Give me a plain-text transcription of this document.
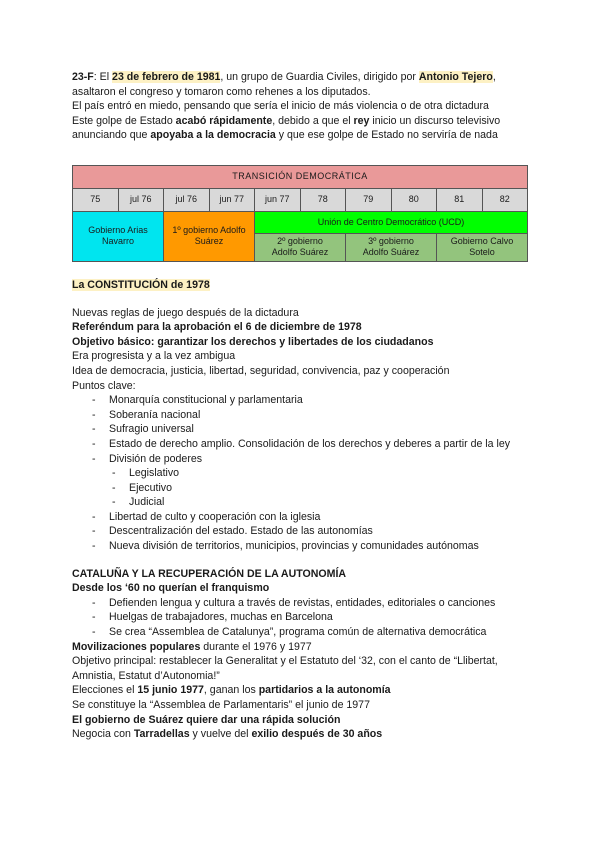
23-F: El 23 de febrero de 1981, un grupo de Guardia Civiles, dirigido por Antonio Tejero,

asaltaron el congreso y tomaron como rehenes a los diputados.

El país entró en miedo, pensando que sería el inicio de más violencia o de otra dictadura

Este golpe de Estado acabó rápidamente, debido a que el rey inicio un discurso televisivo

anunciando que apoyaba a la democracia y que ese golpe de Estado no serviría de nada

TRANSICIÓN DEMOCRÁTICA									
75	jul 76	jul 76	jun 77	jun 77	78	79	80	81	82
Gobierno Arias Navarro		1º gobierno Adolfo Suárez		Unión de Centro Democrático (UCD)					
				2º gobierno Adolfo Suárez		3º gobierno Adolfo Suárez		Gobierno Calvo Sotelo	

La CONSTITUCIÓN de 1978

Nuevas reglas de juego después de la dictadura

Referéndum para la aprobación el 6 de diciembre de 1978

Objetivo básico: garantizar los derechos y libertades de los ciudadanos

Era progresista y a la vez ambigua

Idea de democracia, justicia, libertad, seguridad, convivencia, paz y cooperación

Puntos clave:

- Monarquía constitucional y parlamentaria
- Soberanía nacional
- Sufragio universal
- Estado de derecho amplio. Consolidación de los derechos y deberes a partir de la ley
- División de poderes
- Legislativo
- Ejecutivo
- Judicial
- Libertad de culto y cooperación con la iglesia
- Descentralización del estado. Estado de las autonomías
- Nueva división de territorios, municipios, provincias y comunidades autónomas

CATALUÑA Y LA RECUPERACIÓN DE LA AUTONOMÍA

Desde los ‘60 no querían el franquismo

- Defienden lengua y cultura a través de revistas, entidades, editoriales o canciones
- Huelgas de trabajadores, muchas en Barcelona
- Se crea “Assemblea de Catalunya”, programa común de alternativa democrática

Movilizaciones populares durante el 1976 y 1977

Objetivo principal: restablecer la Generalitat y el Estatuto del ‘32, con el canto de “Llibertat, Amnistia, Estatut d’Autonomia!”

Elecciones el 15 junio 1977, ganan los partidarios a la autonomía

Se constituye la “Assemblea de Parlamentaris” el junio de 1977

El gobierno de Suárez quiere dar una rápida solución

Negocia con Tarradellas y vuelve del exilio después de 30 años
